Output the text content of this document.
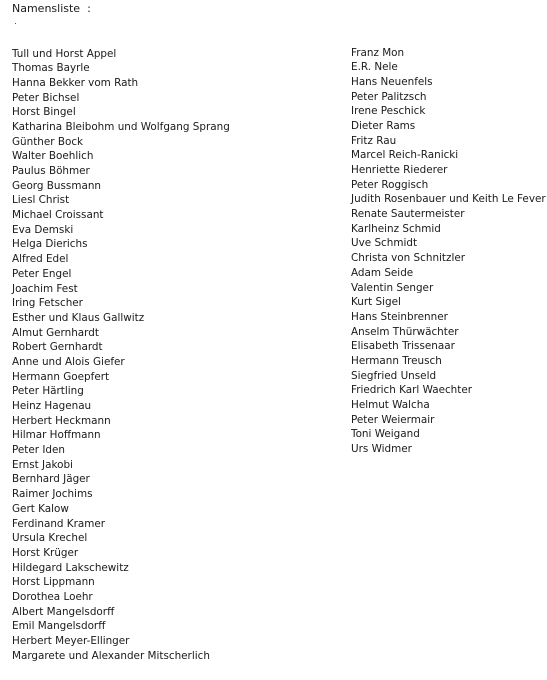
Namensliste  :
Tull und Horst Appel
Thomas Bayrle
Hanna Bekker vom Rath
Peter Bichsel
Horst Bingel
Katharina Bleibohm und Wolfgang Sprang
Günther Bock
Walter Boehlich
Paulus Böhmer
Georg Bussmann
Liesl Christ
Michael Croissant
Eva Demski
Helga Dierichs
Alfred Edel
Peter Engel
Joachim Fest
Iring Fetscher
Esther und Klaus Gallwitz
Almut Gernhardt
Robert Gernhardt
Anne und Alois Giefer
Hermann Goepfert
Peter Härtling
Heinz Hagenau
Herbert Heckmann
Hilmar Hoffmann
Peter Iden
Ernst Jakobi
Bernhard Jäger
Raimer Jochims
Gert Kalow
Ferdinand Kramer
Ursula Krechel
Horst Krüger
Hildegard Lakschewitz
Horst Lippmann
Dorothea Loehr
Albert Mangelsdorff
Emil Mangelsdorff
Herbert Meyer-Ellinger
Margarete und Alexander Mitscherlich
Franz Mon
E.R. Nele
Hans Neuenfels
Peter Palitzsch
Irene Peschick
Dieter Rams
Fritz Rau
Marcel Reich-Ranicki
Henriette Riederer
Peter Roggisch
Judith Rosenbauer und Keith Le Fever
Renate Sautermeister
Karlheinz Schmid
Uve Schmidt
Christa von Schnitzler
Adam Seide
Valentin Senger
Kurt Sigel
Hans Steinbrenner
Anselm Thürwächter
Elisabeth Trissenaar
Hermann Treusch
Siegfried Unseld
Friedrich Karl Waechter
Helmut Walcha
Peter Weiermair
Toni Weigand
Urs Widmer
